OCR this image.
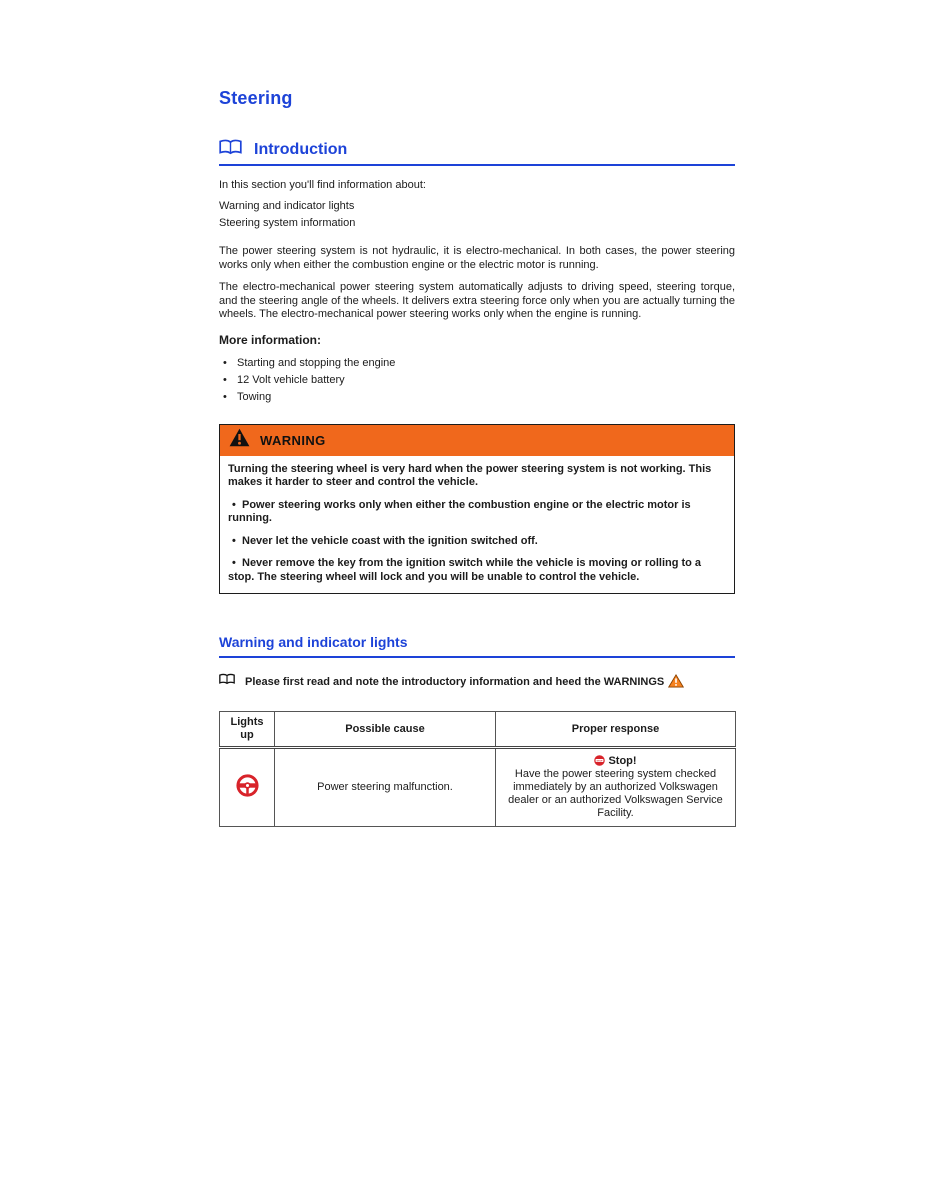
Steering
Introduction
In this section you'll find information about:
Warning and indicator lights
Steering system information

The power steering system is not hydraulic, it is electro-mechanical. In both cases, the power steering works only when either the combustion engine or the electric motor is running.

The electro-mechanical power steering system automatically adjusts to driving speed, steering torque, and the steering angle of the wheels. It delivers extra steering force only when you are actually turning the wheels. The electro-mechanical power steering works only when the engine is running.

More information:
• Starting and stopping the engine
• 12 Volt vehicle battery
• Towing
WARNING

Turning the steering wheel is very hard when the power steering system is not working. This makes it harder to steer and control the vehicle.

• Power steering works only when either the combustion engine or the electric motor is running.

• Never let the vehicle coast with the ignition switched off.

• Never remove the key from the ignition switch while the vehicle is moving or rolling to a stop. The steering wheel will lock and you will be unable to control the vehicle.

Warning and indicator lights
Please first read and note the introductory information and heed the WARNINGS
Lights up	Possible cause	Proper response
	Power steering malfunction.	STOP Stop!
Have the power steering system checked immediately by an authorized Volkswagen dealer or an authorized Volkswagen Service Facility.
